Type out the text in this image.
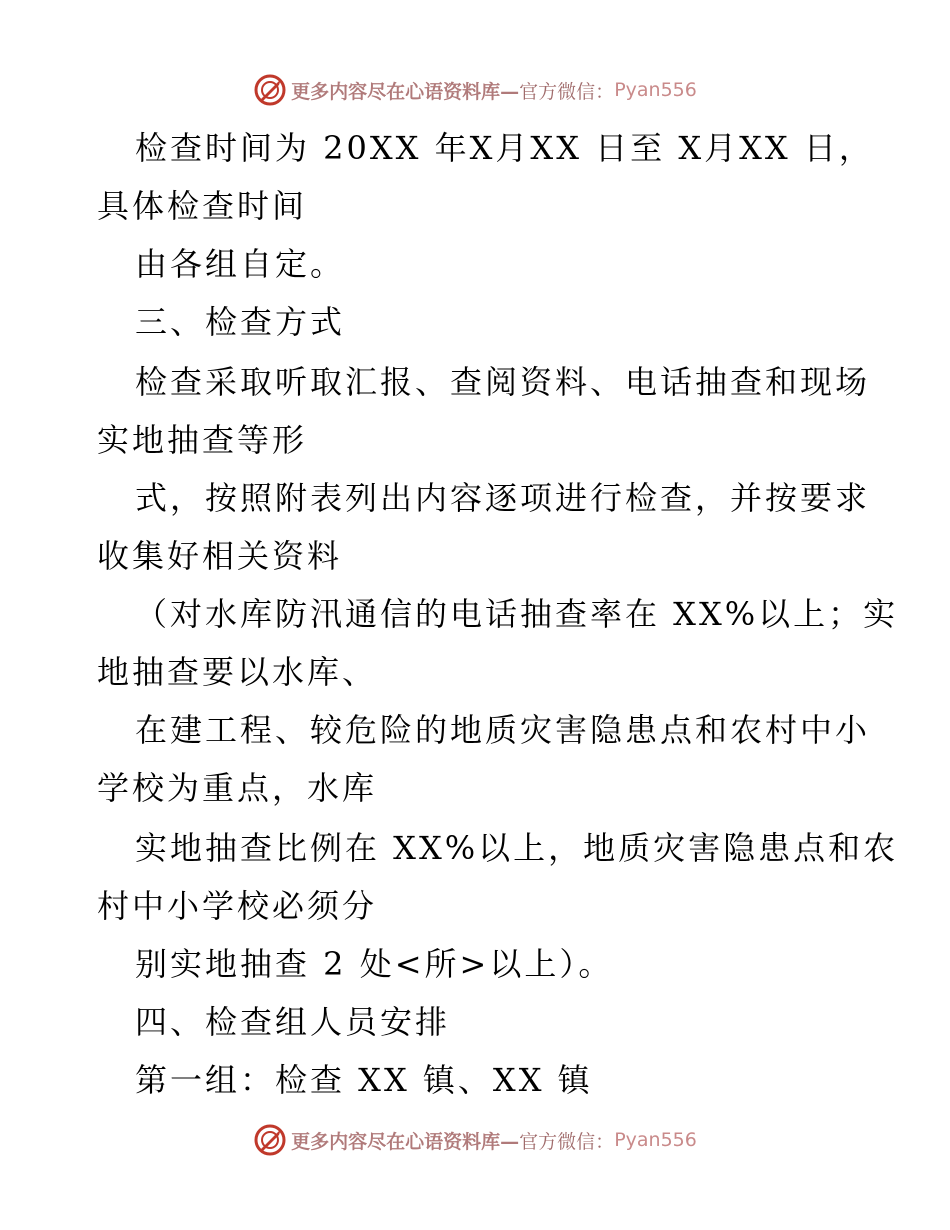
更多内容尽在心语资料库— 官方微信： Pyan556
检查时间为 20XX 年X月XX 日至 X月XX 日，
具体检查时间
由各组自定。
三、检查方式
检查采取听取汇报、查阅资料、电话抽查和现场
实地抽查等形
式，按照附表列出内容逐项进行检查，并按要求
收集好相关资料
（对水库防汛通信的电话抽查率在 XX%以上；实
地抽查要以水库、
在建工程、较危险的地质灾害隐患点和农村中小
学校为重点，水库
实地抽查比例在 XX%以上，地质灾害隐患点和农
村中小学校必须分
别实地抽查 2 处<所>以上）。
四、检查组人员安排
第一组：检查 XX 镇、XX 镇
更多内容尽在心语资料库— 官方微信： Pyan556
